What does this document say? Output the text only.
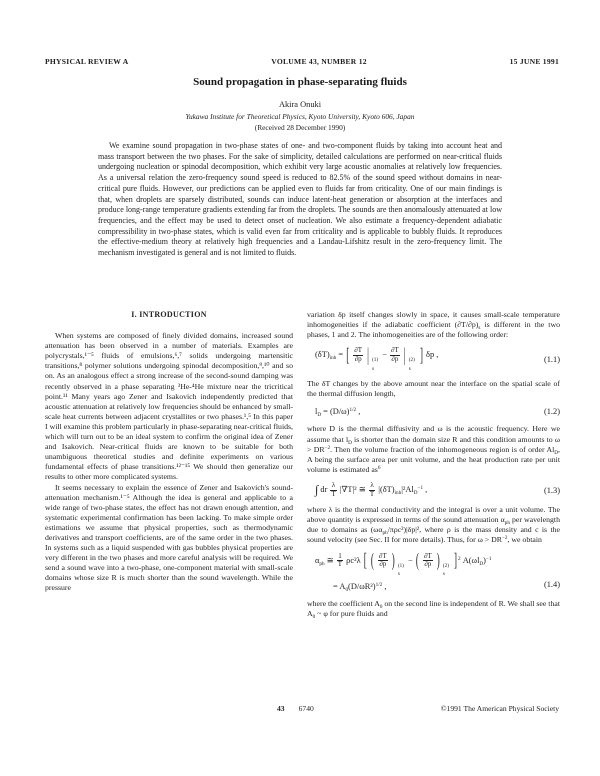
PHYSICAL REVIEW A	VOLUME 43, NUMBER 12	15 JUNE 1991
Sound propagation in phase-separating fluids
Akira Onuki
Yukawa Institute for Theoretical Physics, Kyoto University, Kyoto 606, Japan
(Received 28 December 1990)

We examine sound propagation in two-phase states of one- and two-component fluids by taking into account heat and mass transport between the two phases. For the sake of simplicity, detailed calculations are performed on near-critical fluids undergoing nucleation or spinodal decomposition, which exhibit very large acoustic anomalies at relatively low frequencies. As a universal relation the zero-frequency sound speed is reduced to 82.5% of the sound speed without domains in near-critical pure fluids. However, our predictions can be applied even to fluids far from criticality. One of our main findings is that, when droplets are sparsely distributed, sounds can induce latent-heat generation or absorption at the interfaces and produce long-range temperature gradients extending far from the droplets. The sounds are then anomalously attenuated at low frequencies, and the effect may be used to detect onset of nucleation. We also estimate a frequency-dependent adiabatic compressibility in two-phase states, which is valid even far from criticality and is applicable to bubbly fluids. It reproduces the effective-medium theory at relatively high frequencies and a Landau-Lifshitz result in the zero-frequency limit. The mechanism investigated is general and is not limited to fluids.

I. INTRODUCTION

When systems are composed of finely divided domains, increased sound attenuation has been observed in a number of materials. Examples are polycrystals,¹⁻⁵ fluids of emulsions,⁶,⁷ solids undergoing martensitic transitions,⁸ polymer solutions undergoing spinodal decomposition,⁹,¹⁰ and so on. As an analogous effect a strong increase of the second-sound damping was recently observed in a phase separating ³He-⁴He mixture near the tricritical point.¹¹ Many years ago Zener and Isakovich independently predicted that acoustic attenuation at relatively low frequencies should be enhanced by small-scale heat currents between adjacent crystallites or two phases.¹,⁵ In this paper I will examine this problem particularly in phase-separating near-critical fluids, which will turn out to be an ideal system to confirm the original idea of Zener and Isakovich. Near-critical fluids are known to be suitable for both unambiguous theoretical studies and definite experiments on various fundamental effects of phase transitions.¹²⁻¹⁵ We should then generalize our results to other more complicated systems.

It seems necessary to explain the essence of Zener and Isakovich's sound-attenuation mechanism.¹⁻⁵ Although the idea is general and applicable to a wide range of two-phase states, the effect has not drawn enough attention, and systematic experimental confirmation has been lacking. To make simple order estimations we assume that physical properties, such as thermodynamic derivatives and transport coefficients, are of the same order in the two phases. In systems such as a liquid suspended with gas bubbles physical properties are very different in the two phases and more careful analysis will be required. We send a sound wave into a two-phase, one-component material with small-scale domains whose size R is much shorter than the sound wavelength. While the pressure

variation δp itself changes slowly in space, it causes small-scale temperature inhomogeneities if the adiabatic coefficient $(\partial T/\partial p)_s$ is different in the two phases, 1 and 2. The inhomogeneities are of the following order:

$(\delta T)_{inh}$ = [ $\frac{\partial T}{\partial p}$ | (1)
s
− $\frac{\partial T}{\partial p}$ | (2)
s
] δp ,
(1.1)

The δT changes by the above amount near the interface on the spatial scale of the thermal diffusion length,

$l_D = (D/\omega)^{1/2}$ ,	(1.2)

where D is the thermal diffusivity and ω is the acoustic frequency. Here we assume that $l_D$ is shorter than the domain size R and this condition amounts to $\omega > DR^{-2}$. Then the volume fraction of the inhomogeneous region is of order $Al_D$, A being the surface area per unit volume, and the heat production rate per unit volume is estimated $as^6$

∫ dr $\frac{\lambda}{T} |\nabla T|^2$ ≅ $\frac{\lambda}{T} |(\delta T)_{inh}|^2Al_D^{-1}$ ,	(1.3)

where λ is the thermal conductivity and the integral is over a unit volume. The above quantity is expressed in terms of the sound attenuation $\alpha_{ph}$ per wavelength due to domains as $(\omega\alpha_{ph}/\pi\rho c^2)|\delta p|^2$, where ρ is the mass density and c is the sound velocity (see Sec. II for more details). Thus, for $\omega > DR^{-2}$, we obtain

$\alpha_{ph}$ ≅ $\frac{1}{T} \rho c^2\lambda$ [ ( $\frac{\partial T}{\partial p}$ ) (1)
s
− ( $\frac{\partial T}{\partial p}$ ) (2)
s
]$^2$ $A(\omega l_D)^{-1}$
= $A_0(D/\omega R^2)^{1/2}$ ,	(1.4)

where the coefficient $A_0$ on the second line is independent of R. We shall see that $A_0$ ~ φ for pure fluids and

43 6740	©1991 The American Physical Society
